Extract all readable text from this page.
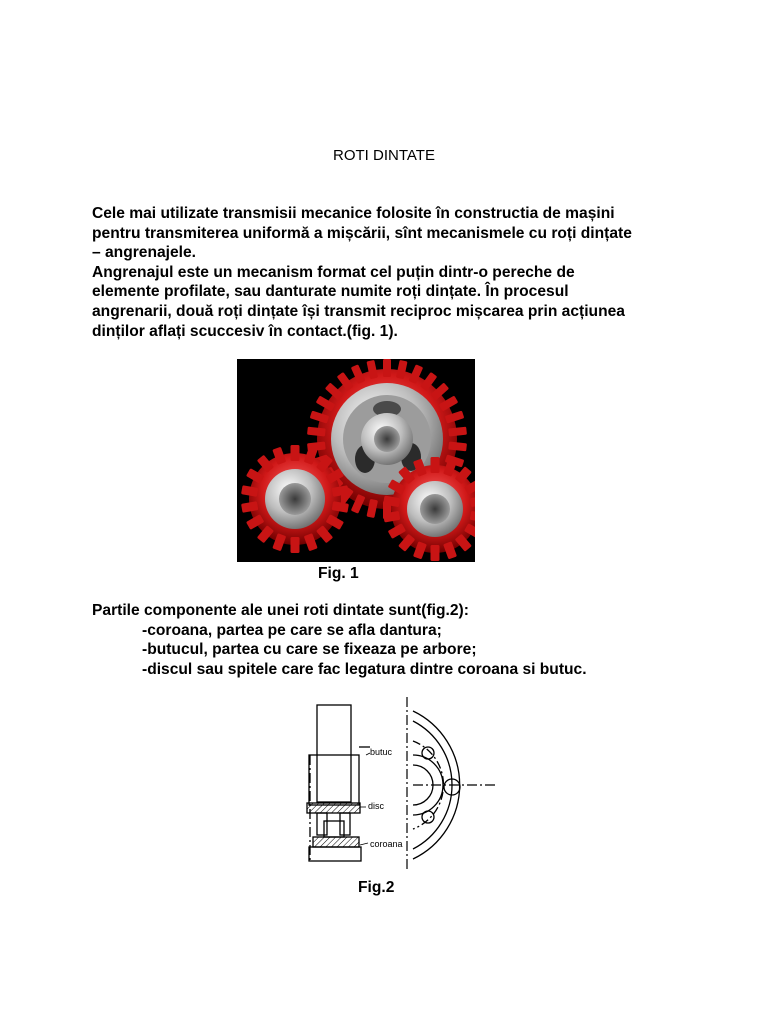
ROTI DINTATE
Cele mai utilizate transmisii mecanice folosite în constructia de mașini
pentru transmiterea uniformă a mișcării, sînt mecanismele cu roți dințate
– angrenajele.
Angrenajul este un mecanism format cel puțin dintr-o pereche de
elemente profilate, sau danturate numite roți dințate. În procesul
angrenarii, două roți dințate își transmit reciproc mișcarea prin acțiunea
dinților aflați scuccesiv în contact.(fig. 1).
Fig. 1
Partile componente ale unei roti dintate sunt(fig.2):
-coroana, partea pe care se afla dantura;
-butucul, partea cu care se fixeaza pe arbore;
-discul sau spitele care fac legatura dintre coroana si butuc.
butuc
disc
coroana
Fig.2
